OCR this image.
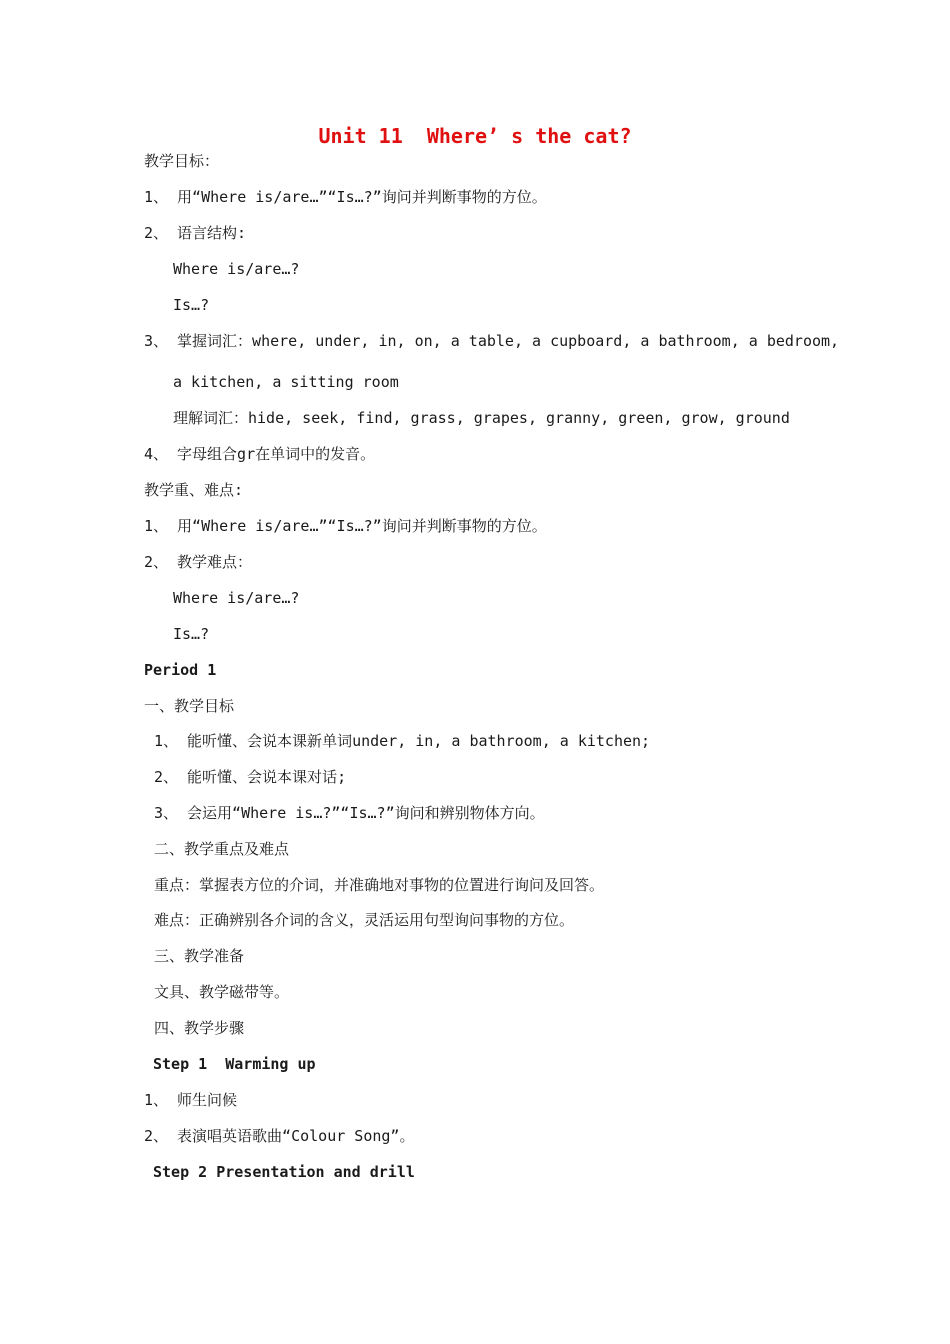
Unit 11  Where’ s the cat?
教学目标：
1、 用“Where is/are…”“Is…?”询问并判断事物的方位。
2、 语言结构:
Where is/are…?
Is…?
3、 掌握词汇：where, under, in, on, a table, a cupboard, a bathroom, a bedroom,
a kitchen, a sitting room
理解词汇：hide, seek, find, grass, grapes, granny, green, grow, ground
4、 字母组合gr在单词中的发音。
教学重、难点:
1、 用“Where is/are…”“Is…?”询问并判断事物的方位。
2、 教学难点：
Where is/are…?
Is…?
Period 1
一、教学目标
1、 能听懂、会说本课新单词under, in, a bathroom, a kitchen;
2、 能听懂、会说本课对话;
3、 会运用“Where is…?”“Is…?”询问和辨别物体方向。
二、教学重点及难点
重点：掌握表方位的介词，并准确地对事物的位置进行询问及回答。
难点：正确辨别各介词的含义，灵活运用句型询问事物的方位。
三、教学准备
文具、教学磁带等。
四、教学步骤
Step 1  Warming up
1、 师生问候
2、 表演唱英语歌曲“Colour Song”。
Step 2 Presentation and drill
